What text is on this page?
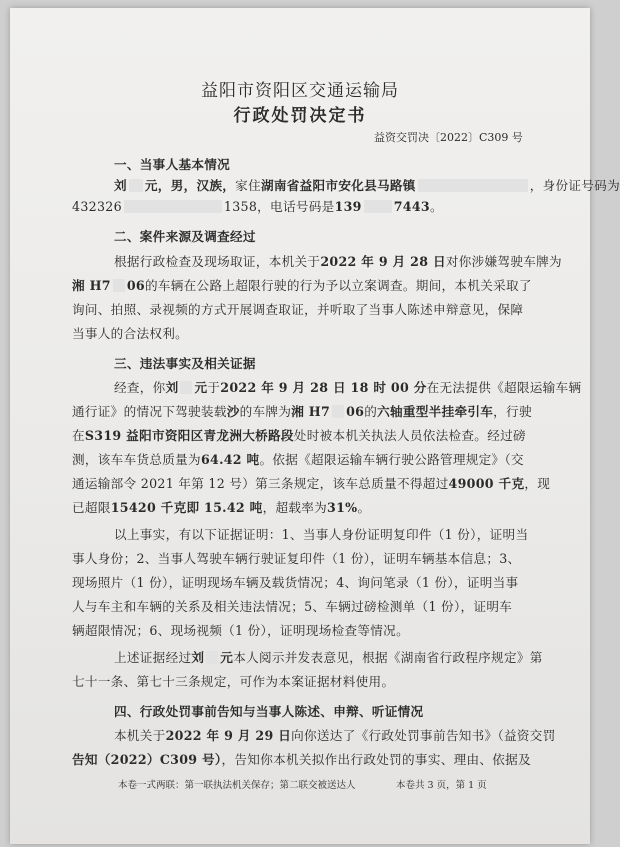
益阳市资阳区交通运输局
行政处罚决定书
益资交罚决〔2022〕C309 号
一、当事人基本情况
刘 元，男，汉族，家住湖南省益阳市安化县马路镇	，身份证号码为
432326	1358，电话号码是139	7443。
二、案件来源及调查经过
根据行政检查及现场取证，本机关于2022 年 9 月 28 日对你涉嫌驾驶车牌为
湘 H7 06的车辆在公路上超限行驶的行为予以立案调查。期间，本机关采取了
询问、拍照、录视频的方式开展调查取证，并听取了当事人陈述申辩意见，保障
当事人的合法权利。
三、违法事实及相关证据
经查，你刘 元于2022 年 9 月 28 日 18 时 00 分在无法提供《超限运输车辆
通行证》的情况下驾驶装载沙的车牌为湘 H7 06的六轴重型半挂牵引车，行驶
在S319 益阳市资阳区青龙洲大桥路段处时被本机关执法人员依法检查。经过磅
测，该车车货总质量为64.42 吨。依据《超限运输车辆行驶公路管理规定》（交
通运输部令 2021 年第 12 号）第三条规定，该车总质量不得超过49000 千克，现
已超限15420 千克即 15.42 吨，超载率为31%。
以上事实，有以下证据证明：1、当事人身份证明复印件（1 份），证明当
事人身份；2、当事人驾驶车辆行驶证复印件（1 份），证明车辆基本信息；3、
现场照片（1 份），证明现场车辆及载货情况；4、询问笔录（1 份），证明当事
人与车主和车辆的关系及相关违法情况；5、车辆过磅检测单（1 份），证明车
辆超限情况；6、现场视频（1 份），证明现场检查等情况。
上述证据经过刘 元本人阅示并发表意见，根据《湖南省行政程序规定》第
七十一条、第七十三条规定，可作为本案证据材料使用。
四、行政处罚事前告知与当事人陈述、申辩、听证情况
本机关于2022 年 9 月 29 日向你送达了《行政处罚事前告知书》（益资交罚
告知（2022）C309 号），告知你本机关拟作出行政处罚的事实、理由、依据及
本卷一式两联：第一联执法机关保存；第二联交被送达人	本卷共 3 页，第 1 页
